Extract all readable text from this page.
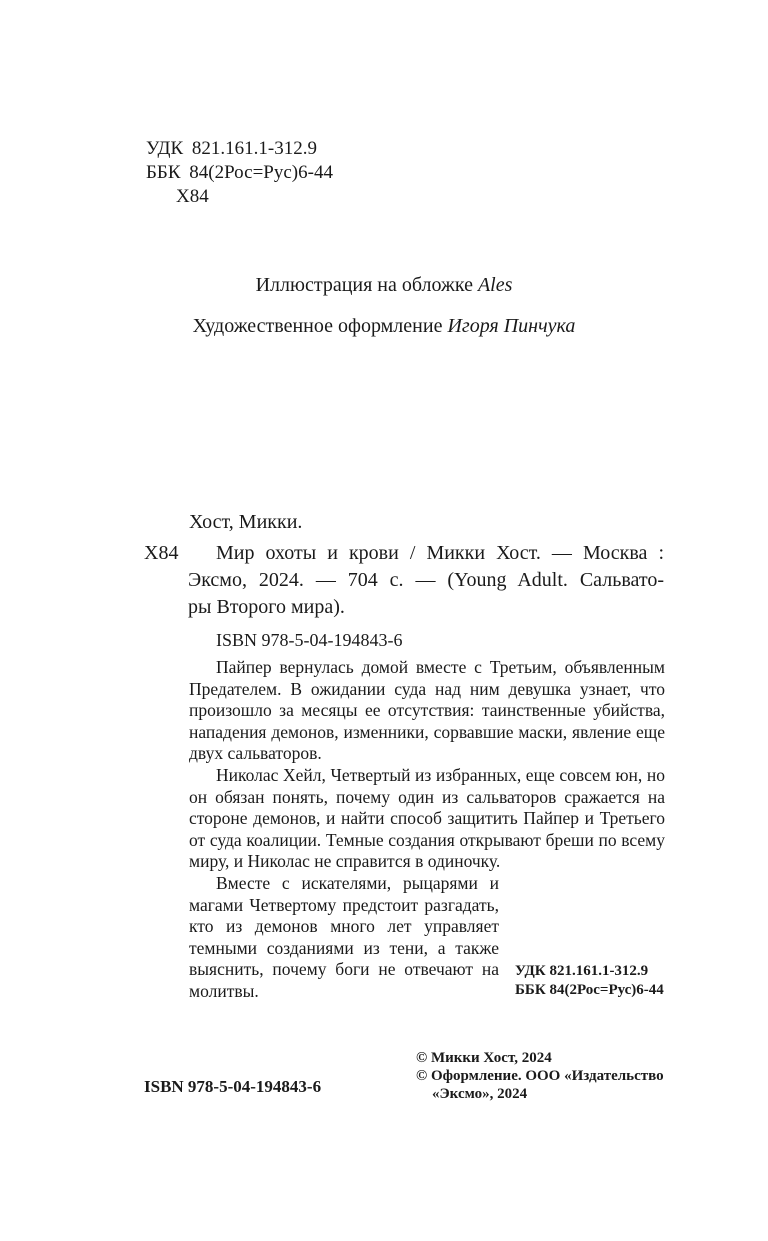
УДК 821.161.1-312.9
ББК 84(2Рос=Рус)6-44
Х84
Иллюстрация на обложке Ales
Художественное оформление Игоря Пинчука
Хост, Микки.
Х84 Мир охоты и крови / Микки Хост. — Москва :
Эксмо, 2024. — 704 с. — (Young Adult. Сальвато-
ры Второго мира).
ISBN 978-5-04-194843-6

Пайпер вернулась домой вместе с Третьим, объявленным Предателем. В ожидании суда над ним девушка узнает, что произошло за месяцы ее отсутствия: таинственные убийства, нападения демонов, изменники, сорвавшие маски, явление еще двух сальваторов.

Николас Хейл, Четвертый из избранных, еще совсем юн, но он обязан понять, почему один из сальваторов сражается на стороне демонов, и найти способ защитить Пайпер и Третьего от суда коалиции. Темные создания открывают бреши по всему миру, и Николас не справится в одиночку.

Вместе с искателями, рыцарями и магами Четвертому предстоит разгадать, кто из демонов много лет управляет темными созданиями из тени, а также выяснить, почему боги не отвечают на молитвы.

УДК 821.161.1-312.9
ББК 84(2Рос=Рус)6-44
ISBN 978-5-04-194843-6
© Микки Хост, 2024
© Оформление. ООО «Издательство
«Эксмо», 2024
